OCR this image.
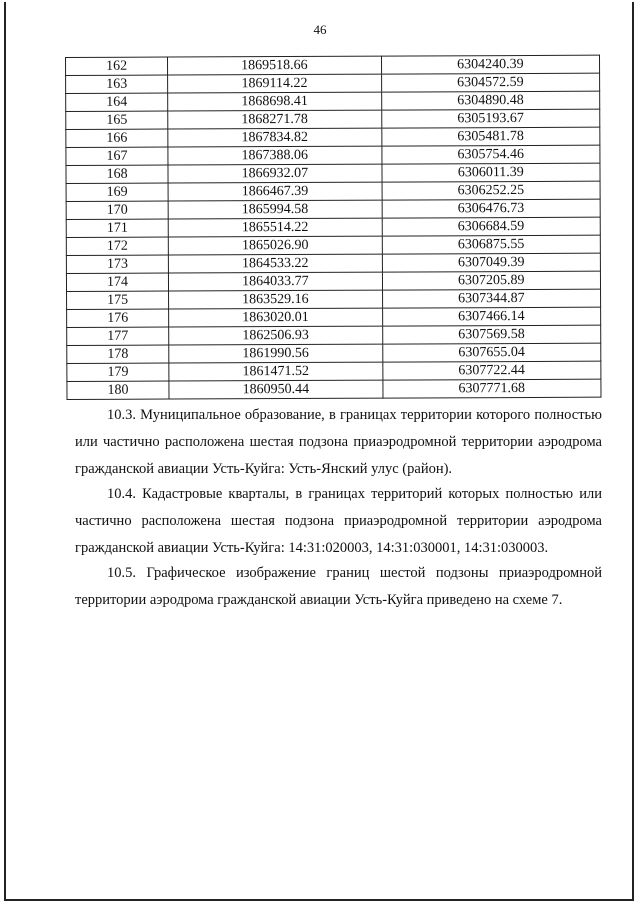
46
162	1869518.66	6304240.39
163	1869114.22	6304572.59
164	1868698.41	6304890.48
165	1868271.78	6305193.67
166	1867834.82	6305481.78
167	1867388.06	6305754.46
168	1866932.07	6306011.39
169	1866467.39	6306252.25
170	1865994.58	6306476.73
171	1865514.22	6306684.59
172	1865026.90	6306875.55
173	1864533.22	6307049.39
174	1864033.77	6307205.89
175	1863529.16	6307344.87
176	1863020.01	6307466.14
177	1862506.93	6307569.58
178	1861990.56	6307655.04
179	1861471.52	6307722.44
180	1860950.44	6307771.68

10.3. Муниципальное образование, в границах территории которого полностью или частично расположена шестая подзона приаэродромной территории аэродрома гражданской авиации Усть-Куйга: Усть-Янский улус (район).

10.4. Кадастровые кварталы, в границах территорий которых полностью или частично расположена шестая подзона приаэродромной территории аэродрома гражданской авиации Усть-Куйга: 14:31:020003, 14:31:030001, 14:31:030003.

10.5. Графическое изображение границ шестой подзоны приаэродромной территории аэродрома гражданской авиации Усть-Куйга приведено на схеме 7.
